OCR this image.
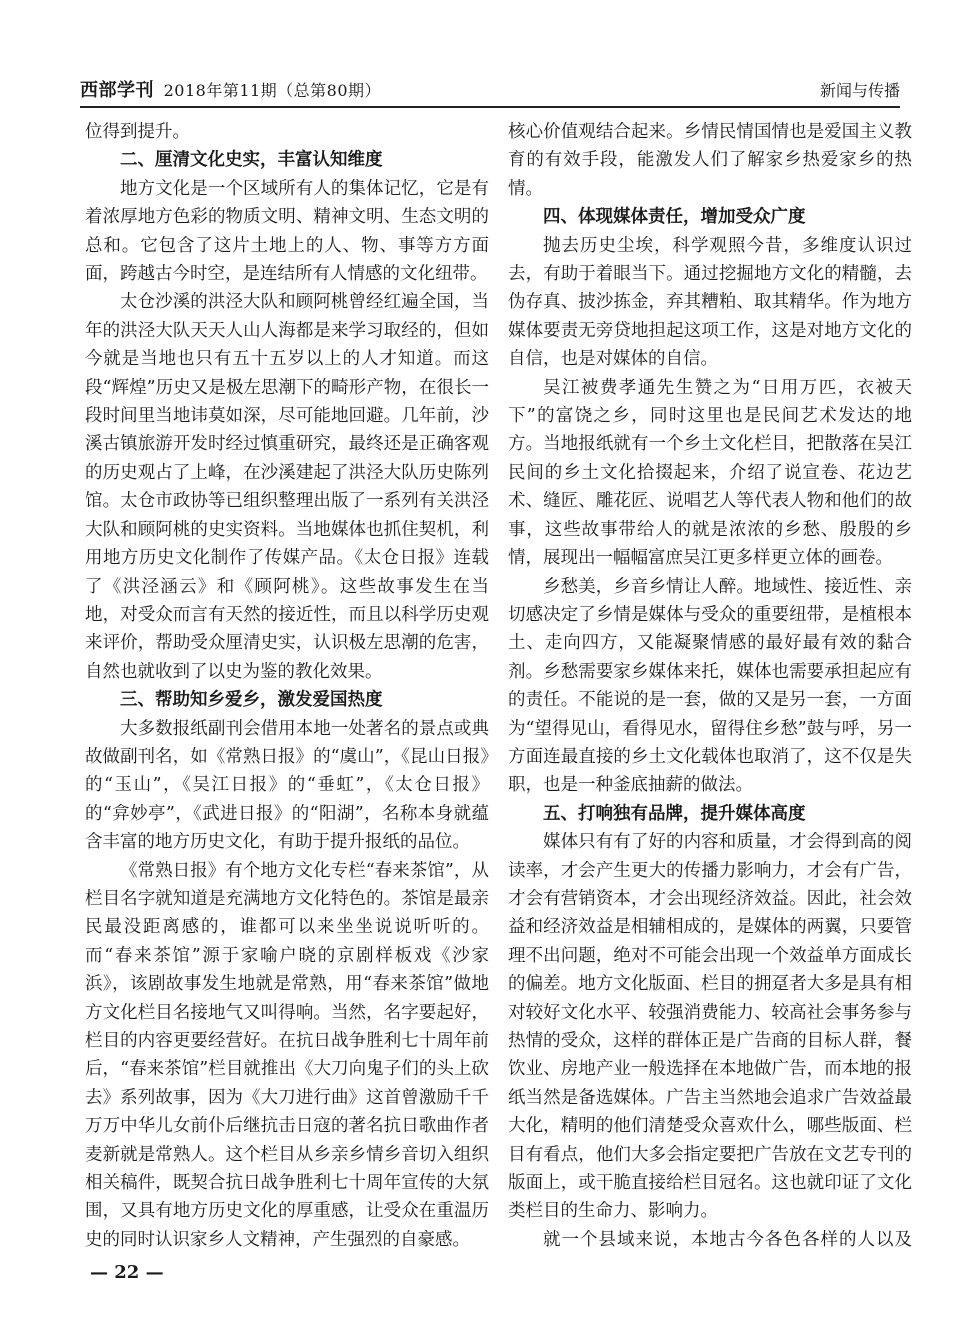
西部学刊 2018年第11期（总第80期）	新闻与传播

位得到提升。

二、厘清文化史实，丰富认知维度

地方文化是一个区域所有人的集体记忆，它是有着浓厚地方色彩的物质文明、精神文明、生态文明的总和。它包含了这片土地上的人、物、事等方方面面，跨越古今时空，是连结所有人情感的文化纽带。

太仓沙溪的洪泾大队和顾阿桃曾经红遍全国，当年的洪泾大队天天人山人海都是来学习取经的，但如今就是当地也只有五十五岁以上的人才知道。而这段“辉煌”历史又是极左思潮下的畸形产物，在很长一段时间里当地讳莫如深，尽可能地回避。几年前，沙溪古镇旅游开发时经过慎重研究，最终还是正确客观的历史观占了上峰，在沙溪建起了洪泾大队历史陈列馆。太仓市政协等已组织整理出版了一系列有关洪泾大队和顾阿桃的史实资料。当地媒体也抓住契机，利用地方历史文化制作了传媒产品。《太仓日报》连载了《洪泾涵云》和《顾阿桃》。这些故事发生在当地，对受众而言有天然的接近性，而且以科学历史观来评价，帮助受众厘清史实，认识极左思潮的危害，自然也就收到了以史为鉴的教化效果。

三、帮助知乡爱乡，激发爱国热度

大多数报纸副刊会借用本地一处著名的景点或典故做副刊名，如《常熟日报》的“虞山”，《昆山日报》的“玉山”，《吴江日报》的“垂虹”，《太仓日报》的“弇妙亭”，《武进日报》的“阳湖”，名称本身就蕴含丰富的地方历史文化，有助于提升报纸的品位。

《常熟日报》有个地方文化专栏“春来茶馆”，从栏目名字就知道是充满地方文化特色的。茶馆是最亲民最没距离感的，谁都可以来坐坐说说听听的。而“春来茶馆”源于家喻户晓的京剧样板戏《沙家浜》，该剧故事发生地就是常熟，用“春来茶馆”做地方文化栏目名接地气又叫得响。当然，名字要起好，栏目的内容更要经营好。在抗日战争胜利七十周年前后，“春来茶馆”栏目就推出《大刀向鬼子们的头上砍去》系列故事，因为《大刀进行曲》这首曾激励千千万万中华儿女前仆后继抗击日寇的著名抗日歌曲作者麦新就是常熟人。这个栏目从乡亲乡情乡音切入组织相关稿件，既契合抗日战争胜利七十周年宣传的大氛围，又具有地方历史文化的厚重感，让受众在重温历史的同时认识家乡人文精神，产生强烈的自豪感。

核心价值观结合起来。乡情民情国情也是爱国主义教育的有效手段，能激发人们了解家乡热爱家乡的热情。

四、体现媒体责任，增加受众广度

抛去历史尘埃，科学观照今昔，多维度认识过去，有助于着眼当下。通过挖掘地方文化的精髓，去伪存真、披沙拣金，弃其糟粕、取其精华。作为地方媒体要责无旁贷地担起这项工作，这是对地方文化的自信，也是对媒体的自信。

吴江被费孝通先生赞之为“日用万匹，衣被天下”的富饶之乡，同时这里也是民间艺术发达的地方。当地报纸就有一个乡土文化栏目，把散落在吴江民间的乡土文化拾掇起来，介绍了说宣卷、花边艺术、缝匠、雕花匠、说唱艺人等代表人物和他们的故事，这些故事带给人的就是浓浓的乡愁、殷殷的乡情，展现出一幅幅富庶吴江更多样更立体的画卷。

乡愁美，乡音乡情让人醉。地域性、接近性、亲切感决定了乡情是媒体与受众的重要纽带，是植根本土、走向四方，又能凝聚情感的最好最有效的黏合剂。乡愁需要家乡媒体来托，媒体也需要承担起应有的责任。不能说的是一套，做的又是另一套，一方面为“望得见山，看得见水，留得住乡愁”鼓与呼，另一方面连最直接的乡土文化载体也取消了，这不仅是失职，也是一种釜底抽薪的做法。

五、打响独有品牌，提升媒体高度

媒体只有有了好的内容和质量，才会得到高的阅读率，才会产生更大的传播力影响力，才会有广告，才会有营销资本，才会出现经济效益。因此，社会效益和经济效益是相辅相成的，是媒体的两翼，只要管理不出问题，绝对不可能会出现一个效益单方面成长的偏差。地方文化版面、栏目的拥趸者大多是具有相对较好文化水平、较强消费能力、较高社会事务参与热情的受众，这样的群体正是广告商的目标人群，餐饮业、房地产业一般选择在本地做广告，而本地的报纸当然是备选媒体。广告主当然地会追求广告效益最大化，精明的他们清楚受众喜欢什么，哪些版面、栏目有看点，他们大多会指定要把广告放在文艺专刊的版面上，或干脆直接给栏目冠名。这也就印证了文化类栏目的生命力、影响力。

就一个县域来说，本地古今各色各样的人以及

— 22 —
